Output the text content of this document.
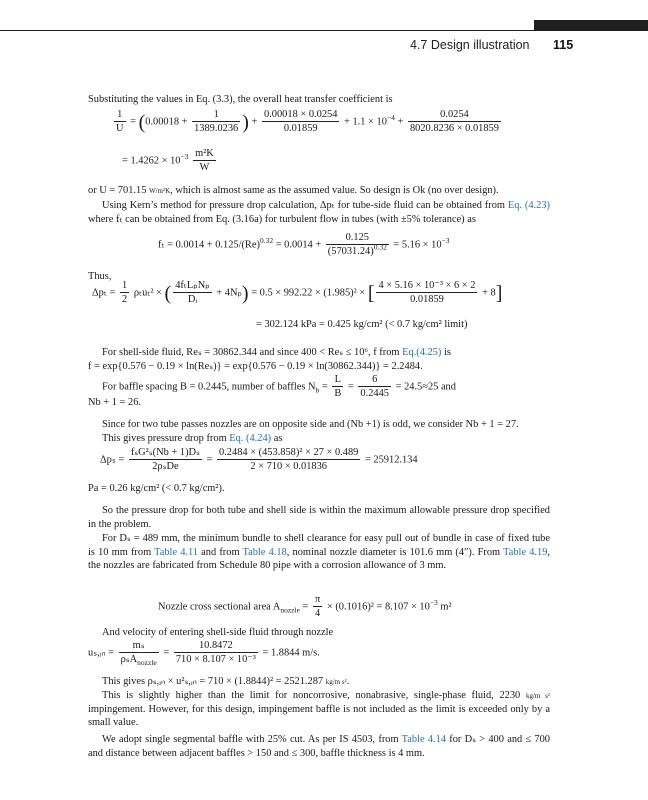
4.7 Design illustration 115
Substituting the values in Eq. (3.3), the overall heat transfer coefficient is
$\frac{1}{U} = (0.00018 + \frac{1}{1389.0236}$ ) + $\frac{0.00018 \times 0.0254}{0.01859} + 1.1 \times 10^{-4} + \frac{0.0254}{8020.8236 \times 0.01859}$
= $1.4262 \times 10^{-3} \frac{\text{m²K}}{W}$
or U = 701.15 W/m²K, which is almost same as the assumed value. So design is Ok (no over design).
Using Kern’s method for pressure drop calculation, Δpₜ for tube-side fluid can be obtained from Eq. (4.23) where fₜ can be obtained from Eq. (3.16a) for turbulent flow in tubes (with ±5% tolerance) as
$f_t = 0.0014 + 0.125/(Re)^{0.32} = 0.0014 + \frac{0.125}{(57031.24)^{0.32}} = 5.16 \times 10^{-3}$
Thus,
$\Delta p_t = \frac{1}{2} \rho_tu_t^2$ × ( $\frac{\text{4fₜLₚNₚ}}{\text{Dᵢ}} + 4N_p) = 0.5 \times 992.22 \times (1.985)^2$ × [ $\frac{\text{4 × 5.16 × 10⁻³ × 6 × 2}}{0.01859} + 8$]
= 302.124 kPa = 0.425 kg/cm² (< 0.7 kg/cm² limit)
For shell-side fluid, Reₛ = 30862.344 and since 400 < Reₛ ≤ 10⁶, f from Eq.(4.25) is
f = exp{0.576 − 0.19 × ln(Reₛ)} = exp{0.576 − 0.19 × ln(30862.344)} = 2.2484.
For baffle spacing B = 0.2445, number of baffles $N_b = \frac{L}{B} = \frac{6}{0.2445} = 24.5\approx 25$ and
Nb + 1 = 26.
Since for two tube passes nozzles are on opposite side and (Nb +1) is odd, we consider Nb + 1 = 27.
This gives pressure drop from Eq. (4.24) as
$\Delta p_s = \frac{\text{fₛG²ₛ(Nb + 1)Dₛ}}{\text{2ρₛDe}} = \frac{\text{0.2484 × (453.858)² × 27 × 0.489}}{2 \times 710 \times 0.01836} = 25912.134$
Pa = 0.26 kg/cm² (< 0.7 kg/cm²).
So the pressure drop for both tube and shell side is within the maximum allowable pressure drop specified in the problem.
For Dₛ = 489 mm, the minimum bundle to shell clearance for easy pull out of bundle in case of fixed tube is 10 mm from Table 4.11 and from Table 4.18, nominal nozzle diameter is 101.6 mm (4″). From Table 4.19, the nozzles are fabricated from Schedule 80 pipe with a corrosion allowance of 3 mm.
Nozzle cross sectional area $A_{nozzle} = \frac{\pi}{4} \times (0.1016)^2 = 8.107 \times 10^{-3}$ m²
And velocity of entering shell-side fluid through nozzle
uₛ,ᵢₙ = $\frac{\text{mₛ}}{\rho_sA_{nozzle}} = \frac{10.8472}{\text{710 × 8.107 × 10⁻³}} = 1.8844$ m/s.
This gives ρₛ,ᵢₙ × u²ₛ,ᵢₙ = 710 × (1.8844)² = 2521.287 kg/m s².
This is slightly higher than the limit for noncorrosive, nonabrasive, single-phase fluid, 2230 kg/m s² impingement. However, for this design, impingement baffle is not included as the limit is exceeded only by a small value.
We adopt single segmental baffle with 25% cut. As per IS 4503, from Table 4.14 for Dₛ > 400 and ≤ 700 and distance between adjacent baffles > 150 and ≤ 300, baffle thickness is 4 mm.
